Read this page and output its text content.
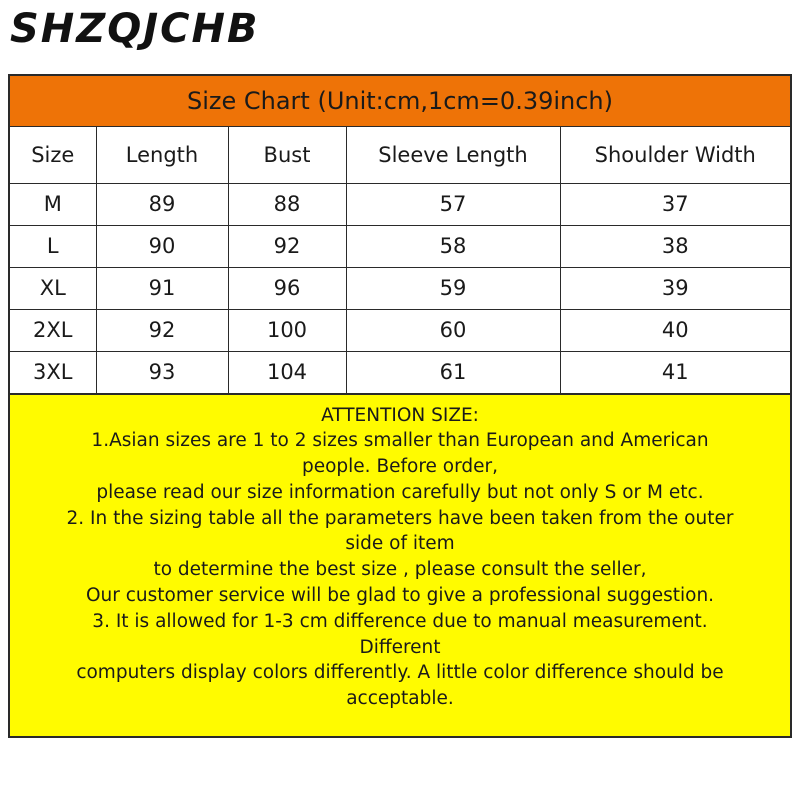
SHZQJCHB
Size Chart (Unit:cm,1cm=0.39inch)
Size	Length	Bust	Sleeve Length	Shoulder Width
M	89	88	57	37
L	90	92	58	38
XL	91	96	59	39
2XL	92	100	60	40
3XL	93	104	61	41
ATTENTION SIZE:
1.Asian sizes are 1 to 2 sizes smaller than European and American
people. Before order,
please read our size information carefully but not only S or M etc.
2. In the sizing table all the parameters have been taken from the outer
side of item
to determine the best size , please consult the seller,
Our customer service will be glad to give a professional suggestion.
3. It is allowed for 1-3 cm difference due to manual measurement.
Different
computers display colors differently. A little color difference should be
acceptable.
